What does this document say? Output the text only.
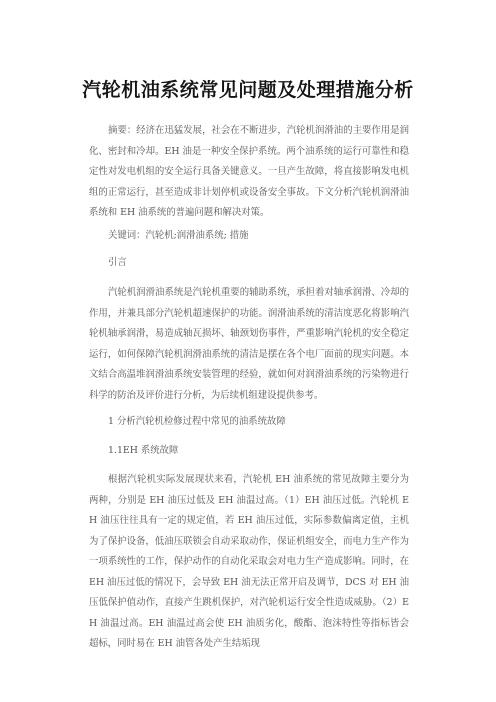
汽轮机油系统常见问题及处理措施分析

摘要：经济在迅猛发展，社会在不断进步，汽轮机润滑油的主要作用是润化、密封和冷却。EH 油是一种安全保护系统。两个油系统的运行可靠性和稳定性对发电机组的安全运行具备关键意义。一旦产生故障，将直接影响发电机组的正常运行，甚至造成非计划停机或设备安全事故。下文分析汽轮机润滑油系统和 EH 油系统的普遍问题和解决对策。

关键词：汽轮机;润滑油系统; 措施

引言

汽轮机润滑油系统是汽轮机重要的辅助系统，承担着对轴承润滑、冷却的作用，并兼具部分汽轮机超速保护的功能。润滑油系统的清洁度恶化将影响汽轮机轴承润滑，易造成轴瓦损坏、轴颈划伤事件，严重影响汽轮机的安全稳定运行，如何保障汽轮机润滑油系统的清洁是摆在各个电厂面前的现实问题。本文结合高温堆润滑油系统安装管理的经验，就如何对润滑油系统的污染物进行科学的防治及评价进行分析，为后续机组建设提供参考。

1 分析汽轮机检修过程中常见的油系统故障

1.1EH 系统故障

根据汽轮机实际发展现状来看，汽轮机 EH 油系统的常见故障主要分为两种，分别是 EH 油压过低及 EH 油温过高。（1）EH 油压过低。汽轮机 EH 油压往往具有一定的规定值，若 EH 油压过低，实际参数偏离定值，主机为了保护设备，低油压联锁会自动采取动作，保证机组安全，而电力生产作为一项系统性的工作，保护动作的自动化采取会对电力生产造成影响。同时，在 EH 油压过低的情况下，会导致 EH 油无法正常开启及调节，DCS 对 EH 油压低保护值动作，直接产生跳机保护，对汽轮机运行安全性造成威胁。（2）EH 油温过高。EH 油温过高会使 EH 油质劣化，酸酯、泡沫特性等指标皆会超标，同时易在 EH 油管各处产生结垢现
